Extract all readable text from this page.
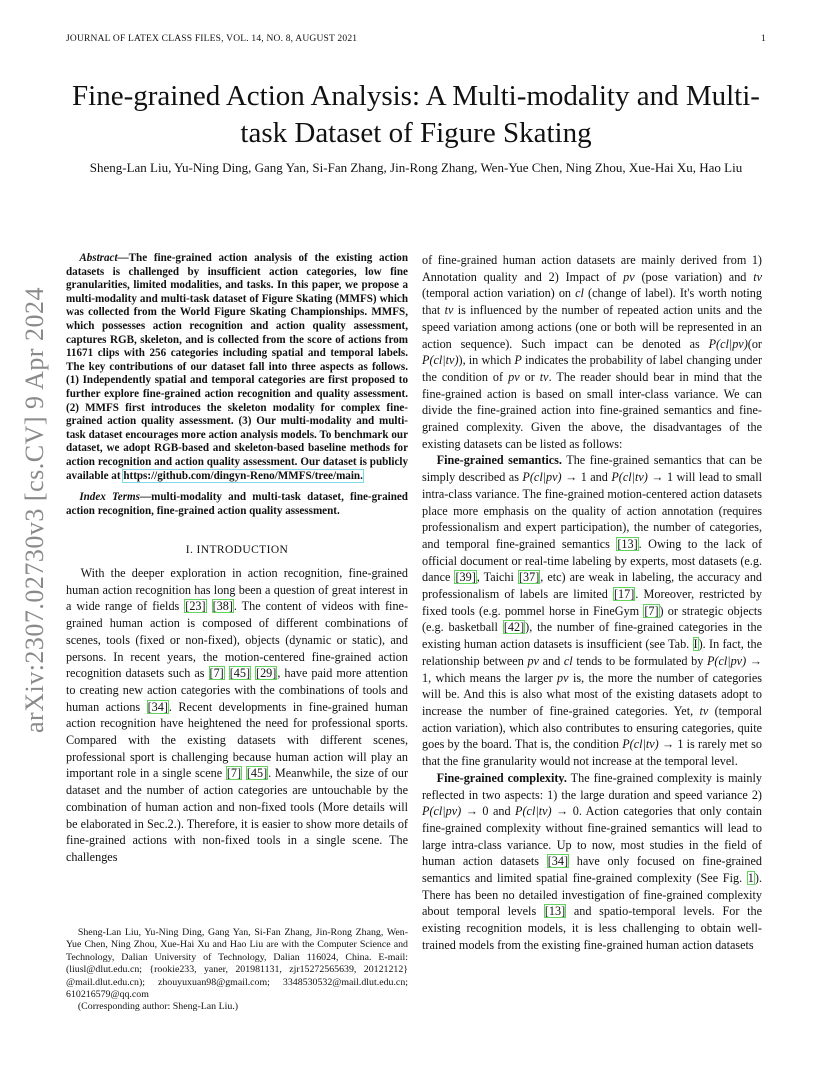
JOURNAL OF LATEX CLASS FILES, VOL. 14, NO. 8, AUGUST 2021	1
arXiv:2307.02730v3 [cs.CV] 9 Apr 2024
Fine-grained Action Analysis: A Multi-modality and Multi-task Dataset of Figure Skating
Sheng-Lan Liu, Yu-Ning Ding, Gang Yan, Si-Fan Zhang, Jin-Rong Zhang, Wen-Yue Chen, Ning Zhou, Xue-Hai Xu, Hao Liu

Abstract—The fine-grained action analysis of the existing action datasets is challenged by insufficient action categories, low fine granularities, limited modalities, and tasks. In this paper, we propose a multi-modality and multi-task dataset of Figure Skating (MMFS) which was collected from the World Figure Skating Championships. MMFS, which possesses action recognition and action quality assessment, captures RGB, skeleton, and is collected from the score of actions from 11671 clips with 256 categories including spatial and temporal labels. The key contributions of our dataset fall into three aspects as follows. (1) Independently spatial and temporal categories are first proposed to further explore fine-grained action recognition and quality assessment. (2) MMFS first introduces the skeleton modality for complex fine-grained action quality assessment. (3) Our multi-modality and multi-task dataset encourages more action analysis models. To benchmark our dataset, we adopt RGB-based and skeleton-based baseline methods for action recognition and action quality assessment. Our dataset is publicly available at https://github.com/dingyn-Reno/MMFS/tree/main.

Index Terms—multi-modality and multi-task dataset, fine-grained action recognition, fine-grained action quality assessment.

I. INTRODUCTION

With the deeper exploration in action recognition, fine-grained human action recognition has long been a question of great interest in a wide range of fields [23] [38]. The content of videos with fine-grained human action is composed of different combinations of scenes, tools (fixed or non-fixed), objects (dynamic or static), and persons. In recent years, the motion-centered fine-grained action recognition datasets such as [7] [45] [29], have paid more attention to creating new action categories with the combinations of tools and human actions [34]. Recent developments in fine-grained human action recognition have heightened the need for professional sports. Compared with the existing datasets with different scenes, professional sport is challenging because human action will play an important role in a single scene [7] [45]. Meanwhile, the size of our dataset and the number of action categories are untouchable by the combination of human action and non-fixed tools (More details will be elaborated in Sec.2.). Therefore, it is easier to show more details of fine-grained actions with non-fixed tools in a single scene. The challenges

Sheng-Lan Liu, Yu-Ning Ding, Gang Yan, Si-Fan Zhang, Jin-Rong Zhang, Wen-Yue Chen, Ning Zhou, Xue-Hai Xu and Hao Liu are with the Computer Science and Technology, Dalian University of Technology, Dalian 116024, China. E-mail: (liusl@dlut.edu.cn; {rookie233, yaner, 201981131, zjr15272565639, 20121212} @mail.dlut.edu.cn); zhouyuxuan98@gmail.com; 3348530532@mail.dlut.edu.cn; 610216579@qq.com

(Corresponding author: Sheng-Lan Liu.)

of fine-grained human action datasets are mainly derived from 1) Annotation quality and 2) Impact of pv (pose variation) and tv (temporal action variation) on cl (change of label). It's worth noting that tv is influenced by the number of repeated action units and the speed variation among actions (one or both will be represented in an action sequence). Such impact can be denoted as P(cl|pv)(or P(cl|tv)), in which P indicates the probability of label changing under the condition of pv or tv. The reader should bear in mind that the fine-grained action is based on small inter-class variance. We can divide the fine-grained action into fine-grained semantics and fine-grained complexity. Given the above, the disadvantages of the existing datasets can be listed as follows:

Fine-grained semantics. The fine-grained semantics that can be simply described as P(cl|pv) → 1 and P(cl|tv) → 1 will lead to small intra-class variance. The fine-grained motion-centered action datasets place more emphasis on the quality of action annotation (requires professionalism and expert participation), the number of categories, and temporal fine-grained semantics [13]. Owing to the lack of official document or real-time labeling by experts, most datasets (e.g. dance [39], Taichi [37], etc) are weak in labeling, the accuracy and professionalism of labels are limited [17]. Moreover, restricted by fixed tools (e.g. pommel horse in FineGym [7]) or strategic objects (e.g. basketball [42]), the number of fine-grained categories in the existing human action datasets is insufficient (see Tab. I). In fact, the relationship between pv and cl tends to be formulated by P(cl|pv) → 1, which means the larger pv is, the more the number of categories will be. And this is also what most of the existing datasets adopt to increase the number of fine-grained categories. Yet, tv (temporal action variation), which also contributes to ensuring categories, quite goes by the board. That is, the condition P(cl|tv) → 1 is rarely met so that the fine granularity would not increase at the temporal level.

Fine-grained complexity. The fine-grained complexity is mainly reflected in two aspects: 1) the large duration and speed variance 2) P(cl|pv) → 0 and P(cl|tv) → 0. Action categories that only contain fine-grained complexity without fine-grained semantics will lead to large intra-class variance. Up to now, most studies in the field of human action datasets [34] have only focused on fine-grained semantics and limited spatial fine-grained complexity (See Fig. 1). There has been no detailed investigation of fine-grained complexity about temporal levels [13] and spatio-temporal levels. For the existing recognition models, it is less challenging to obtain well-trained models from the existing fine-grained human action datasets
